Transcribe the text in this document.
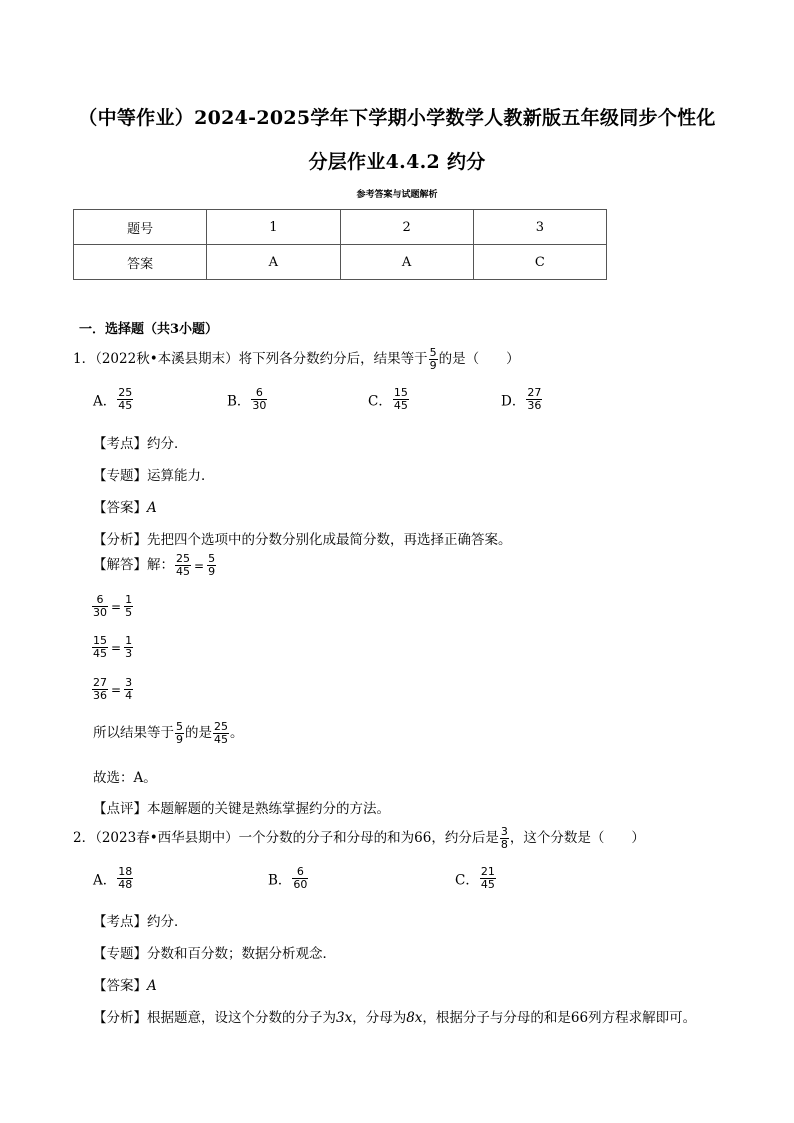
（中等作业）2024-2025学年下学期小学数学人教新版五年级同步个性化
分层作业4.4.2 约分
参考答案与试题解析
题号	1	2	3
答案	A	A	C
一．选择题（共3小题）
1．（2022秋•本溪县期末）将下列各分数约分后，结果等于 $\frac{5}{9}$ 的是（　　）
A． $\frac{25}{45}$	B． $\frac{6}{30}$	C． $\frac{15}{45}$	D． $\frac{27}{36}$
【考点】约分．
【专题】运算能力．
【答案】A
【分析】先把四个选项中的分数分别化成最简分数，再选择正确答案。
【解答】解： $\frac{25}{45} = \frac{5}{9}$
$\frac{6}{30} = \frac{1}{5}$
$\frac{15}{45} = \frac{1}{3}$
$\frac{27}{36} = \frac{3}{4}$
所以结果等于 $\frac{5}{9}$ 的是 $\frac{25}{45}$ 。
故选：A。
【点评】本题解题的关键是熟练掌握约分的方法。
2．（2023春•西华县期中）一个分数的分子和分母的和为66，约分后是 $\frac{3}{8}$ ，这个分数是（　　）
A． $\frac{18}{48}$	B． $\frac{6}{60}$	C． $\frac{21}{45}$
【考点】约分．
【专题】分数和百分数；数据分析观念．
【答案】A
【分析】根据题意，设这个分数的分子为3x，分母为8x，根据分子与分母的和是66列方程求解即可。
